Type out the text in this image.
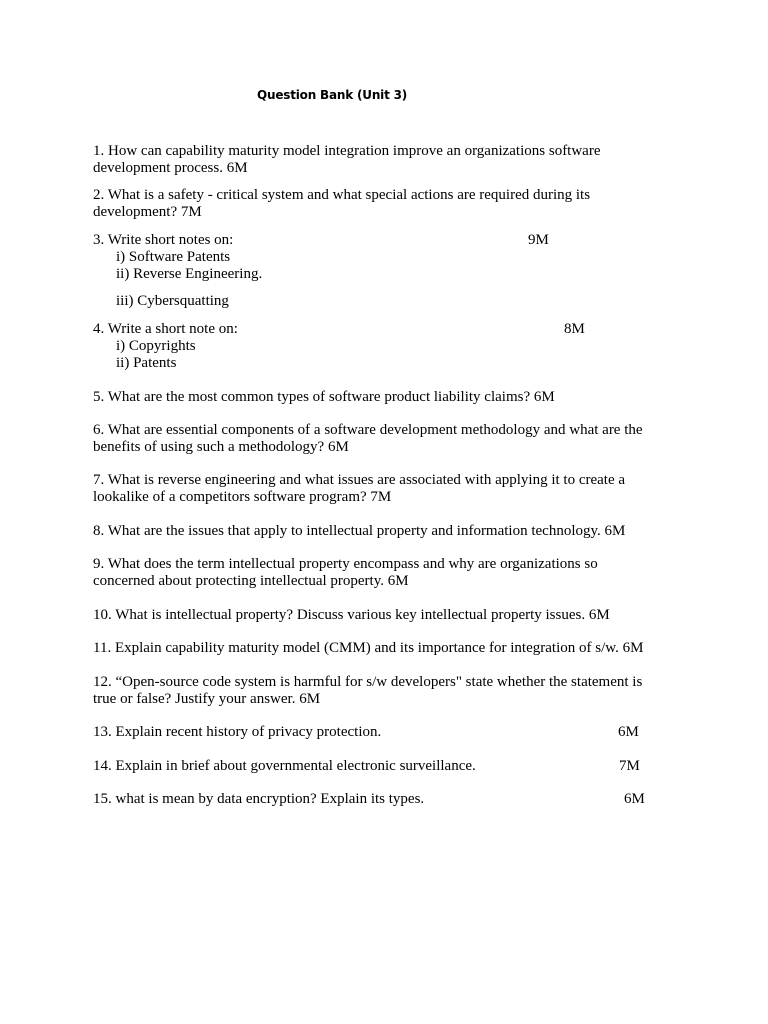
Question Bank (Unit 3)
1. How can capability maturity model integration improve an organizations software
development process. 6M
2. What is a safety - critical system and what special actions are required during its
development? 7M
3. Write short notes on:
i) Software Patents
ii) Reverse Engineering.
9M
iii) Cybersquatting
4. Write a short note on:
i) Copyrights
ii) Patents
8M
5. What are the most common types of software product liability claims? 6M
6. What are essential components of a software development methodology and what are the
benefits of using such a methodology? 6M
7. What is reverse engineering and what issues are associated with applying it to create a
lookalike of a competitors software program? 7M
8. What are the issues that apply to intellectual property and information technology. 6M
9. What does the term intellectual property encompass and why are organizations so
concerned about protecting intellectual property. 6M
10. What is intellectual property? Discuss various key intellectual property issues. 6M
11. Explain capability maturity model (CMM) and its importance for integration of s/w. 6M
12. “Open-source code system is harmful for s/w developers" state whether the statement is
true or false? Justify your answer. 6M
13. Explain recent history of privacy protection.	6M
14. Explain in brief about governmental electronic surveillance.	7M
15. what is mean by data encryption? Explain its types.	6M
